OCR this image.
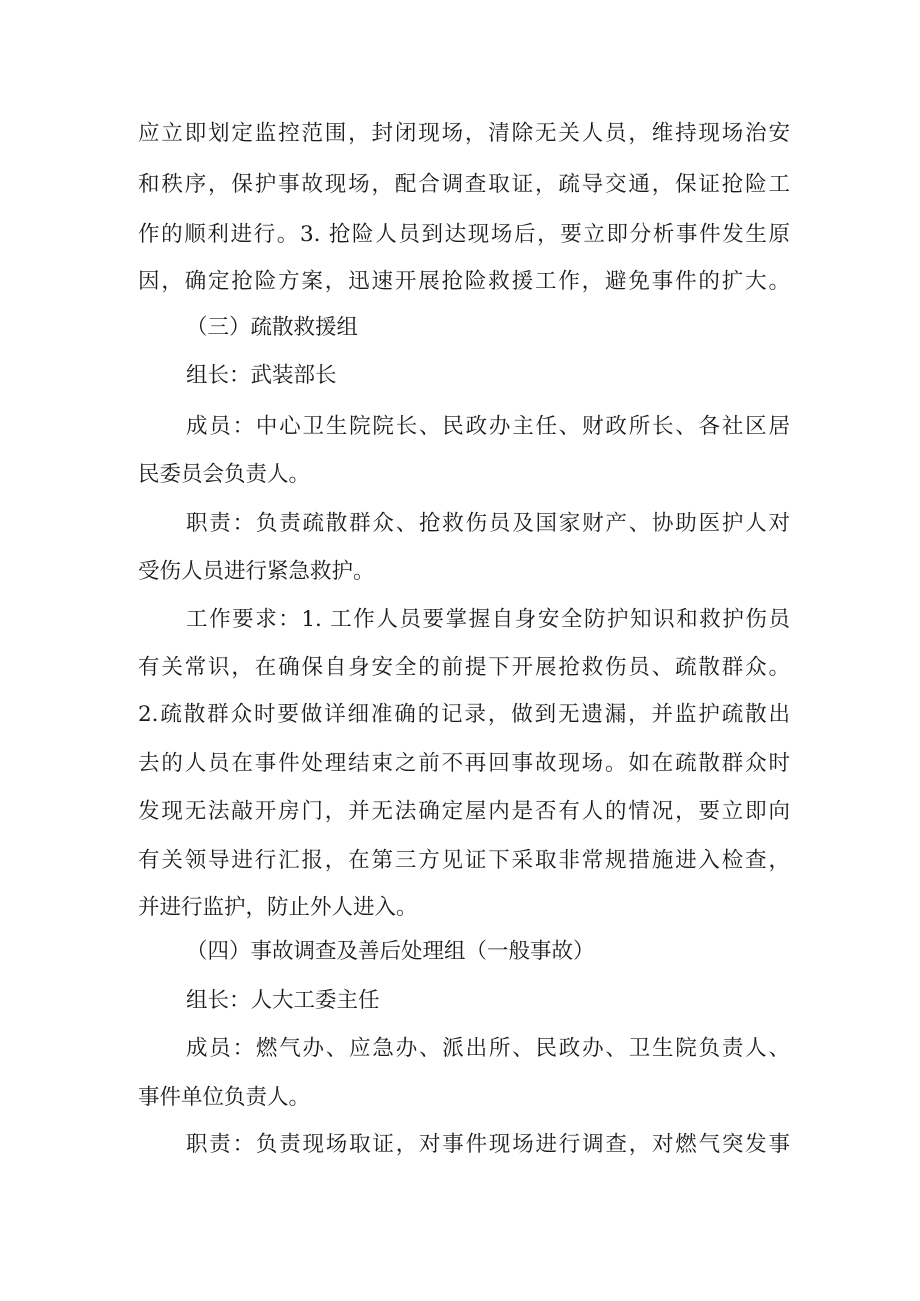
应立即划定监控范围，封闭现场，清除无关人员，维持现场治安
和秩序，保护事故现场，配合调查取证，疏导交通，保证抢险工
作的顺利进行。3. 抢险人员到达现场后，要立即分析事件发生原
因，确定抢险方案，迅速开展抢险救援工作，避免事件的扩大。
（三）疏散救援组
组长：武装部长
成员：中心卫生院院长、民政办主任、财政所长、各社区居
民委员会负责人。
职责：负责疏散群众、抢救伤员及国家财产、协助医护人对
受伤人员进行紧急救护。
工作要求：1. 工作人员要掌握自身安全防护知识和救护伤员
有关常识，在确保自身安全的前提下开展抢救伤员、疏散群众。
2.疏散群众时要做详细准确的记录，做到无遗漏，并监护疏散出
去的人员在事件处理结束之前不再回事故现场。如在疏散群众时
发现无法敲开房门，并无法确定屋内是否有人的情况，要立即向
有关领导进行汇报，在第三方见证下采取非常规措施进入检查，
并进行监护，防止外人进入。
（四）事故调查及善后处理组（一般事故）
组长：人大工委主任
成员：燃气办、应急办、派出所、民政办、卫生院负责人、
事件单位负责人。
职责：负责现场取证，对事件现场进行调查，对燃气突发事
